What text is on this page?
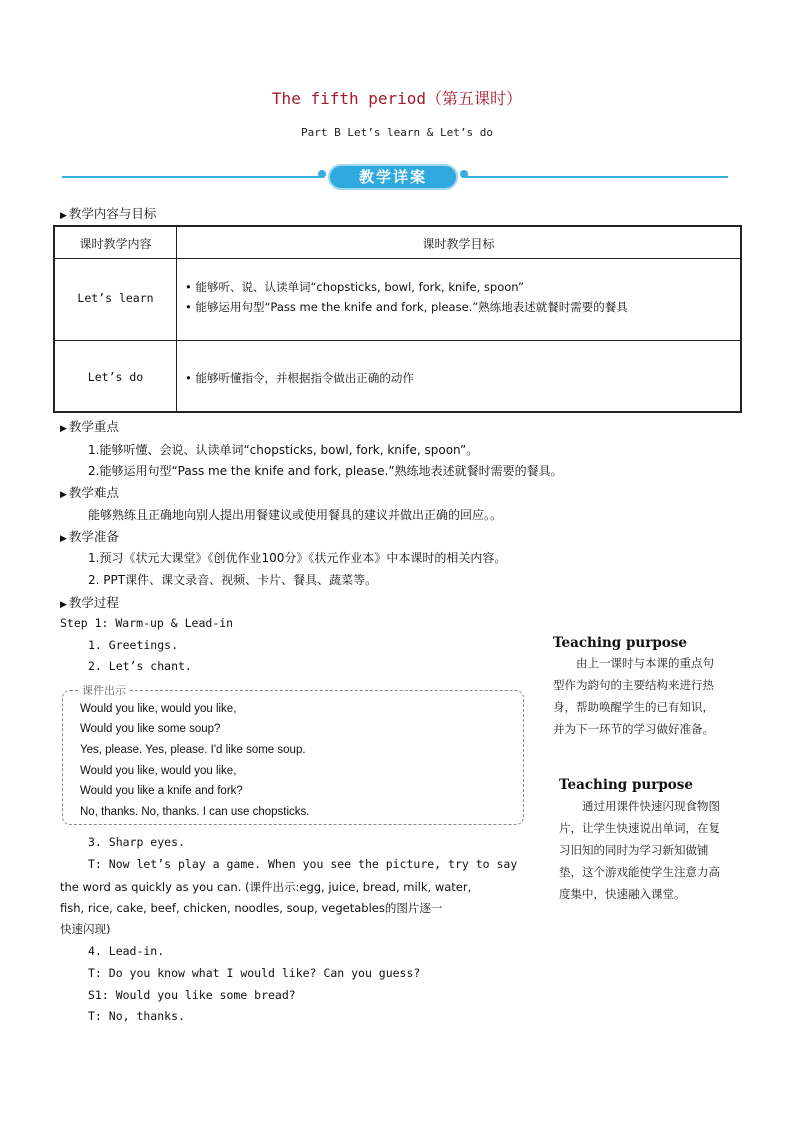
The fifth period（第五课时）
Part B Let’s learn & Let’s do
教学详案
▶ 教学内容与目标
课时教学内容	课时教学目标
Let’s learn
• 能够听、说、认读单词“chopsticks, bowl, fork, knife, spoon”
• 能够运用句型“Pass me the knife and fork, please.”熟练地表述就餐时需要的餐具
Let’s do	• 能够听懂指令，并根据指令做出正确的动作
▶ 教学重点
1.能够听懂、会说、认读单词“chopsticks, bowl, fork, knife, spoon”。
2.能够运用句型“Pass me the knife and fork, please.”熟练地表述就餐时需要的餐具。
▶ 教学难点
能够熟练且正确地向别人提出用餐建议或使用餐具的建议并做出正确的回应。。
▶ 教学准备
1.预习《状元大课堂》《创优作业100分》《状元作业本》中本课时的相关内容。
2. PPT课件、课文录音、视频、卡片、餐具、蔬菜等。
▶ 教学过程
Step 1: Warm-up & Lead-in
1. Greetings.
2. Let’s chant.
课件出示
Would you like, would you like,
Would you like some soup?
Yes, please. Yes, please. I'd like some soup.
Would you like, would you like,
Would you like a knife and fork?
No, thanks. No, thanks. I can use chopsticks.
3. Sharp eyes.
T: Now let’s play a game. When you see the picture, try to say
the word as quickly as you can. (课件出示:egg, juice, bread, milk, water,
fish, rice, cake, beef, chicken, noodles, soup, vegetables的图片逐一
快速闪现)
4. Lead-in.
T: Do you know what I would like? Can you guess?
S1: Would you like some bread?
T: No, thanks.
Teaching purpose
　　由上一课时与本课的重点句型作为韵句的主要结构来进行热身，帮助唤醒学生的已有知识，并为下一环节的学习做好准备。
Teaching purpose
　　通过用课件快速闪现食物图片，让学生快速说出单词，在复习旧知的同时为学习新知做铺垫，这个游戏能使学生注意力高度集中，快速融入课堂。
